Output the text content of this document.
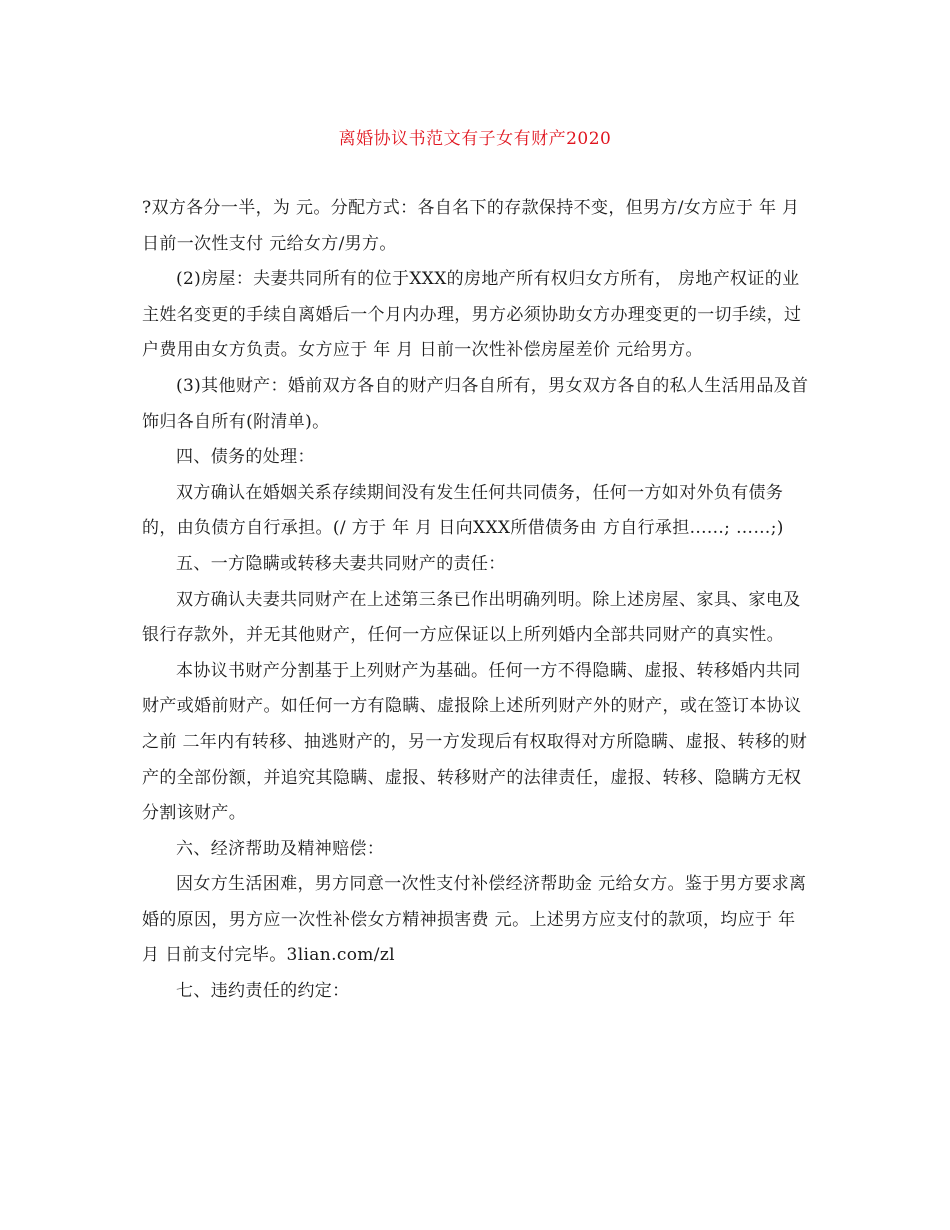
离婚协议书范文有子女有财产2020

?双方各分一半，为 元。分配方式：各自名下的存款保持不变，但男方/女方应于 年 月 日前一次性支付 元给女方/男方。

(2)房屋：夫妻共同所有的位于XXX的房地产所有权归女方所有， 房地产权证的业主姓名变更的手续自离婚后一个月内办理，男方必须协助女方办理变更的一切手续，过户费用由女方负责。女方应于 年 月 日前一次性补偿房屋差价 元给男方。

(3)其他财产：婚前双方各自的财产归各自所有，男女双方各自的私人生活用品及首饰归各自所有(附清单)。

四、债务的处理：

双方确认在婚姻关系存续期间没有发生任何共同债务，任何一方如对外负有债务的，由负债方自行承担。(/ 方于 年 月 日向XXX所借债务由 方自行承担......; ……;)

五、一方隐瞒或转移夫妻共同财产的责任：

双方确认夫妻共同财产在上述第三条已作出明确列明。除上述房屋、家具、家电及银行存款外，并无其他财产，任何一方应保证以上所列婚内全部共同财产的真实性。

本协议书财产分割基于上列财产为基础。任何一方不得隐瞒、虚报、转移婚内共同财产或婚前财产。如任何一方有隐瞒、虚报除上述所列财产外的财产，或在签订本协议之前 二年内有转移、抽逃财产的，另一方发现后有权取得对方所隐瞒、虚报、转移的财产的全部份额，并追究其隐瞒、虚报、转移财产的法律责任，虚报、转移、隐瞒方无权分割该财产。

六、经济帮助及精神赔偿：

因女方生活困难，男方同意一次性支付补偿经济帮助金 元给女方。鉴于男方要求离婚的原因，男方应一次性补偿女方精神损害费 元。上述男方应支付的款项，均应于 年 月 日前支付完毕。3lian.com/zl

七、违约责任的约定：
